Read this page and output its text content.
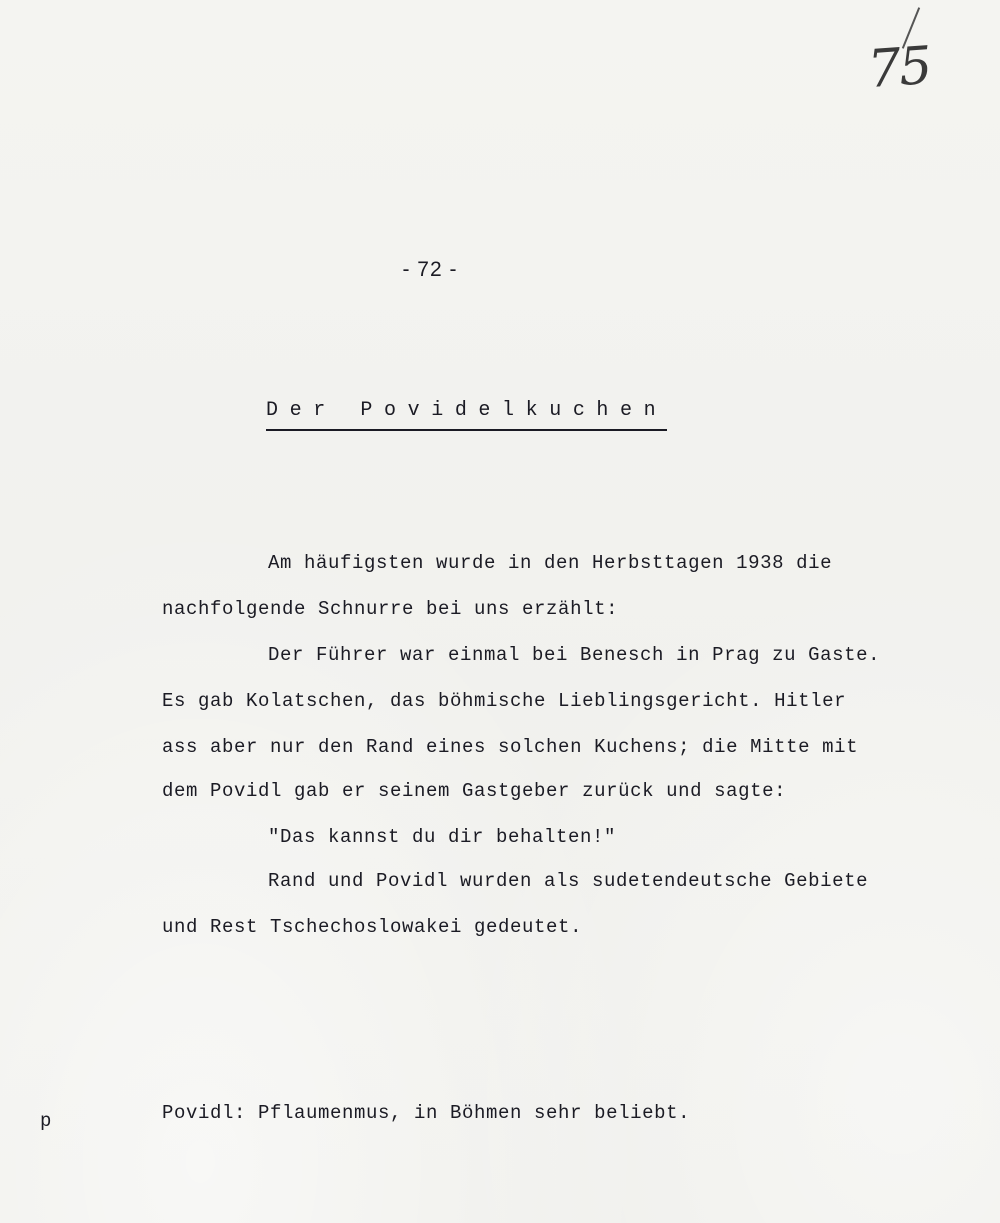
75
- 72 -
Der Povidelkuchen
Am häufigsten wurde in den Herbsttagen 1938 die
nachfolgende Schnurre bei uns erzählt:
Der Führer war einmal bei Benesch in Prag zu Gaste.
Es gab Kolatschen, das böhmische Lieblingsgericht. Hitler
ass aber nur den Rand eines solchen Kuchens; die Mitte mit
dem Povidl gab er seinem Gastgeber zurück und sagte:
"Das kannst du dir behalten!"
Rand und Povidl wurden als sudetendeutsche Gebiete
und Rest Tschechoslowakei gedeutet.
p	Povidl: Pflaumenmus, in Böhmen sehr beliebt.
